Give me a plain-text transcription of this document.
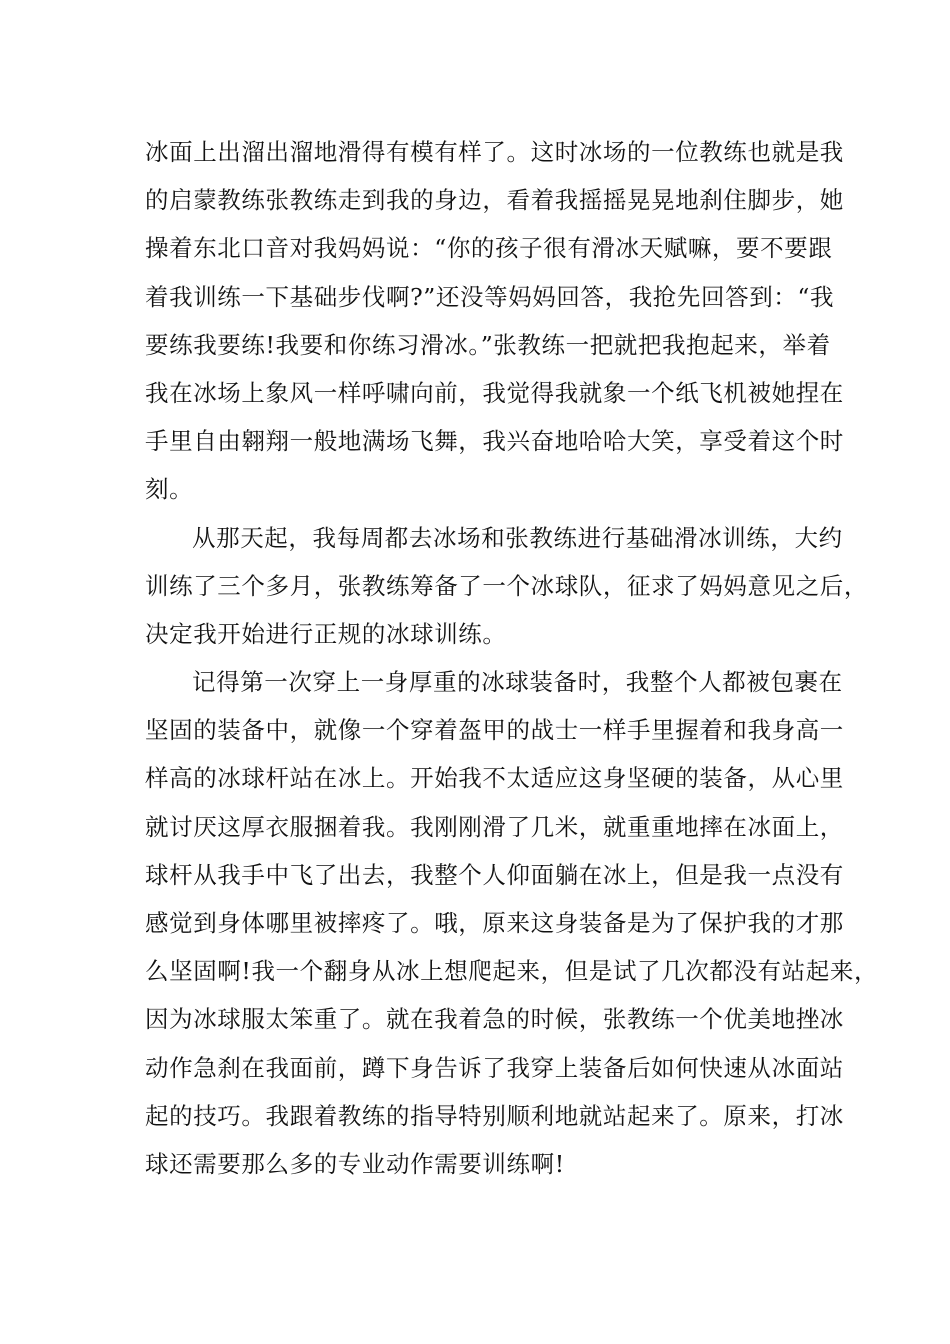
冰面上出溜出溜地滑得有模有样了。这时冰场的一位教练也就是我
的启蒙教练张教练走到我的身边，看着我摇摇晃晃地刹住脚步，她
操着东北口音对我妈妈说：“你的孩子很有滑冰天赋嘛，要不要跟
着我训练一下基础步伐啊?”还没等妈妈回答，我抢先回答到：“我
要练我要练!我要和你练习滑冰。”张教练一把就把我抱起来，举着
我在冰场上象风一样呼啸向前，我觉得我就象一个纸飞机被她捏在
手里自由翱翔一般地满场飞舞，我兴奋地哈哈大笑，享受着这个时
刻。
从那天起，我每周都去冰场和张教练进行基础滑冰训练，大约
训练了三个多月，张教练筹备了一个冰球队，征求了妈妈意见之后，
决定我开始进行正规的冰球训练。
记得第一次穿上一身厚重的冰球装备时，我整个人都被包裹在
坚固的装备中，就像一个穿着盔甲的战士一样手里握着和我身高一
样高的冰球杆站在冰上。开始我不太适应这身坚硬的装备，从心里
就讨厌这厚衣服捆着我。我刚刚滑了几米，就重重地摔在冰面上，
球杆从我手中飞了出去，我整个人仰面躺在冰上，但是我一点没有
感觉到身体哪里被摔疼了。哦，原来这身装备是为了保护我的才那
么坚固啊!我一个翻身从冰上想爬起来，但是试了几次都没有站起来，
因为冰球服太笨重了。就在我着急的时候，张教练一个优美地挫冰
动作急刹在我面前，蹲下身告诉了我穿上装备后如何快速从冰面站
起的技巧。我跟着教练的指导特别顺利地就站起来了。原来，打冰
球还需要那么多的专业动作需要训练啊!
